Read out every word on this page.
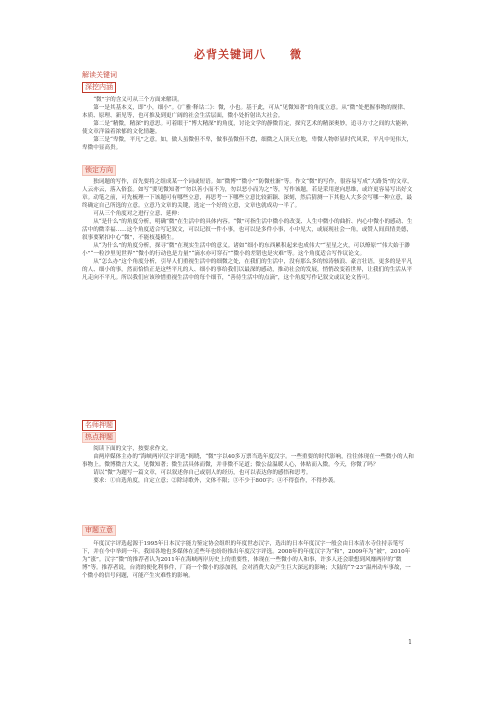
必背关键词八　　微
解读关键词
深挖内涵

“微”字的含义可从三个方面来解读。

第一是其基本义，即“小，细小”。《广雅·释诂二》：微，小也。基于此，可从“见微知著”的角度立意。从“微”处把握事物的规律、本质、原理、新见等，也可推及到更广阔的社会生活层面，微小处折射出大社会。

第二是“精微，精深”的意思。可着眼于“博大精深”的角度，讨论文学的静微肯定，探究艺术的精深奥妙，追寻方寸之间的大能神，使文章洋溢着浓郁的文化情趣。

第三是“卑微，平凡”之意。如，做人虽微但不卑，做事虽微但不怠，细微之人顶天立地，卑微人物彰显时代风采，平凡中见伟大，卑微中显高贵。

锁定方向

独词题的写作，首先要将之组成某一个词或短语。如“微博”“微小”“防微杜渐”等。作文“微”的写作，很容易写成“大路货”的文章，人云亦云，落入俗套。如写“要见微知著”“勿以善小而不为，勿以恶小而为之”等，写作该题，若是采用逆向思维，或许更容易写出好文章。动笔之前，可先梳理一下该题可有哪些立意，再思考一下哪些立意比较新颖、深刻，然后猜测一下其他人大多会写哪一种立意，最终确定自己所选的立意。立意乃文章的关键，选定一个好的立意，文章也就成功一半了。

可从三个角度对之进行立意、延伸：

从“是什么”的角度分析，明确“微”在生活中的具体内容。“微”可指生活中微小的改变、人生中微小的曲折、内心中微小的感动、生活中的微幸福……这个角度适合写记叙文，可以记叙一件小事，也可以是多件小事，小中见大，或展现社会一角，或赞人间真情美德，叙事要紧扣中心“微”，不能枝蔓横生。

从“为什么”的角度分析，探寻“微”在现实生活中的意义。诸如“细小的东西累积起来也成伟大”“星星之火，可以燎原”“伟大始于渺小”“一粒沙里见世界”“微小的行动也是力量”“滴水亦可穿石”“微小的差错也是灾难”等。这个角度适合写作议论文。

从“怎么办”这个角度分析，引导人们重视生活中的细微之处，在我们的生活中，没有那么多的惊涛骇浪、豪言壮语，更多的是平凡的人、细小的事，然而恰恰正是这些平凡的人、细小的事给我们以最深的感动，推动社会的发展，悄悄改变着世界，让我们的生活从平凡走向不平凡。所以我们应该珍惜重视生活中的每个细节，“善待生活中的点滴”，这个角度写作记叙文或议论文皆可。

名师押题
热点押题

阅读下面的文字，按要求作文。

由两岸媒体主办的“海峡两岸汉字评选”揭晓，“微”字以40多万票当选年度汉字。一些重要的时代影响，往往体现在一些微小的人和事物上。微博微言大义，见微知著；微生活具体而微，并非微不足道；微公益温暖人心，体贴而入微。今天，你微了吗？

请以“微”为题写一篇文章，可以叙述你自己或别人的经历，也可以表达你的感悟和思考。

要求：①自选角度，自定立意；②除诗歌外，文体不限；③不少于800字；④不得套作，不得抄袭。

审题立意

年度汉字评选起源于1995年日本汉字能力鉴定协会组织的年度世态汉字，选出的日本年度汉字一般会由日本清水寺住持亲笔写下，并在今中举到一年。我国各地也多媒体在近些年也纷纷推出年度汉字评选。2008年的年度汉字为“和”，2009年为“被”，2010年为“涨”。汉字“微”的推荐者认为2011年在海峡两岸历史上的重要性，体现在一些微小的人和事，许多人还会联想到风靡两岸的“微博”等。推荐者说，台湾的便化利事件，厂商一个微小的添加剂，会对消费大众产生巨大深远的影响；大陆的“7·23”温州动车事故，一个微小的信号问题，可能产生灾难性的影响。

1
